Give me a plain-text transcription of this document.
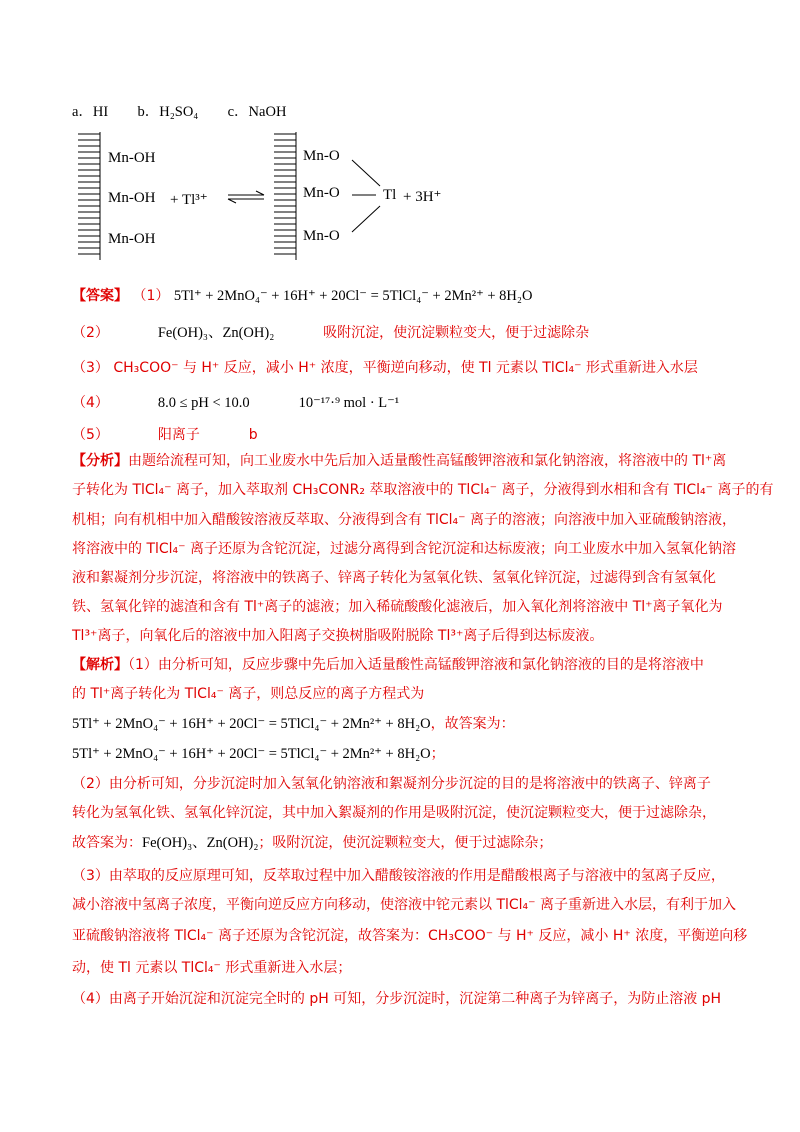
a．HI b．H₂SO₄ c．NaOH
Mn-OH
Mn-OH
Mn-OH
+ Tl³⁺
Mn-O
Mn-O
Mn-O
Tl + 3H⁺
【答案】 （1） 5Tl⁺ + 2MnO₄⁻ + 16H⁺ + 20Cl⁻ = 5TlCl₄⁻ + 2Mn²⁺ + 8H₂O
（2）	Fe(OH)₃、Zn(OH)₂	吸附沉淀，使沉淀颗粒变大，便于过滤除杂
（3） CH₃COO⁻ 与 H⁺ 反应，减小 H⁺ 浓度，平衡逆向移动，使 Tl 元素以 TlCl₄⁻ 形式重新进入水层
（4）	8.0 ≤ pH < 10.0	10⁻¹⁷·⁹ mol · L⁻¹
（5）	阳离子	b
【分析】由题给流程可知，向工业废水中先后加入适量酸性高锰酸钾溶液和氯化钠溶液，将溶液中的 Tl⁺离
子转化为 TlCl₄⁻ 离子，加入萃取剂 CH₃CONR₂ 萃取溶液中的 TlCl₄⁻ 离子，分液得到水相和含有 TlCl₄⁻ 离子的有
机相；向有机相中加入醋酸铵溶液反萃取、分液得到含有 TlCl₄⁻ 离子的溶液；向溶液中加入亚硫酸钠溶液，
将溶液中的 TlCl₄⁻ 离子还原为含铊沉淀，过滤分离得到含铊沉淀和达标废液；向工业废水中加入氢氧化钠溶
液和絮凝剂分步沉淀，将溶液中的铁离子、锌离子转化为氢氧化铁、氢氧化锌沉淀，过滤得到含有氢氧化
铁、氢氧化锌的滤渣和含有 Tl⁺离子的滤液；加入稀硫酸酸化滤液后，加入氧化剂将溶液中 Tl⁺离子氧化为
Tl³⁺离子，向氧化后的溶液中加入阳离子交换树脂吸附脱除 Tl³⁺离子后得到达标废液。
【解析】（1）由分析可知，反应步骤中先后加入适量酸性高锰酸钾溶液和氯化钠溶液的目的是将溶液中
的 Tl⁺离子转化为 TlCl₄⁻ 离子，则总反应的离子方程式为
5Tl⁺ + 2MnO₄⁻ + 16H⁺ + 20Cl⁻ = 5TlCl₄⁻ + 2Mn²⁺ + 8H₂O，故答案为：
5Tl⁺ + 2MnO₄⁻ + 16H⁺ + 20Cl⁻ = 5TlCl₄⁻ + 2Mn²⁺ + 8H₂O；
（2）由分析可知，分步沉淀时加入氢氧化钠溶液和絮凝剂分步沉淀的目的是将溶液中的铁离子、锌离子
转化为氢氧化铁、氢氧化锌沉淀，其中加入絮凝剂的作用是吸附沉淀，使沉淀颗粒变大，便于过滤除杂，
故答案为：Fe(OH)₃、Zn(OH)₂；吸附沉淀，使沉淀颗粒变大，便于过滤除杂；
（3）由萃取的反应原理可知，反萃取过程中加入醋酸铵溶液的作用是醋酸根离子与溶液中的氢离子反应，
减小溶液中氢离子浓度，平衡向逆反应方向移动，使溶液中铊元素以 TlCl₄⁻ 离子重新进入水层，有利于加入
亚硫酸钠溶液将 TlCl₄⁻ 离子还原为含铊沉淀，故答案为：CH₃COO⁻ 与 H⁺ 反应，减小 H⁺ 浓度，平衡逆向移
动，使 Tl 元素以 TlCl₄⁻ 形式重新进入水层；
（4）由离子开始沉淀和沉淀完全时的 pH 可知，分步沉淀时，沉淀第二种离子为锌离子，为防止溶液 pH
